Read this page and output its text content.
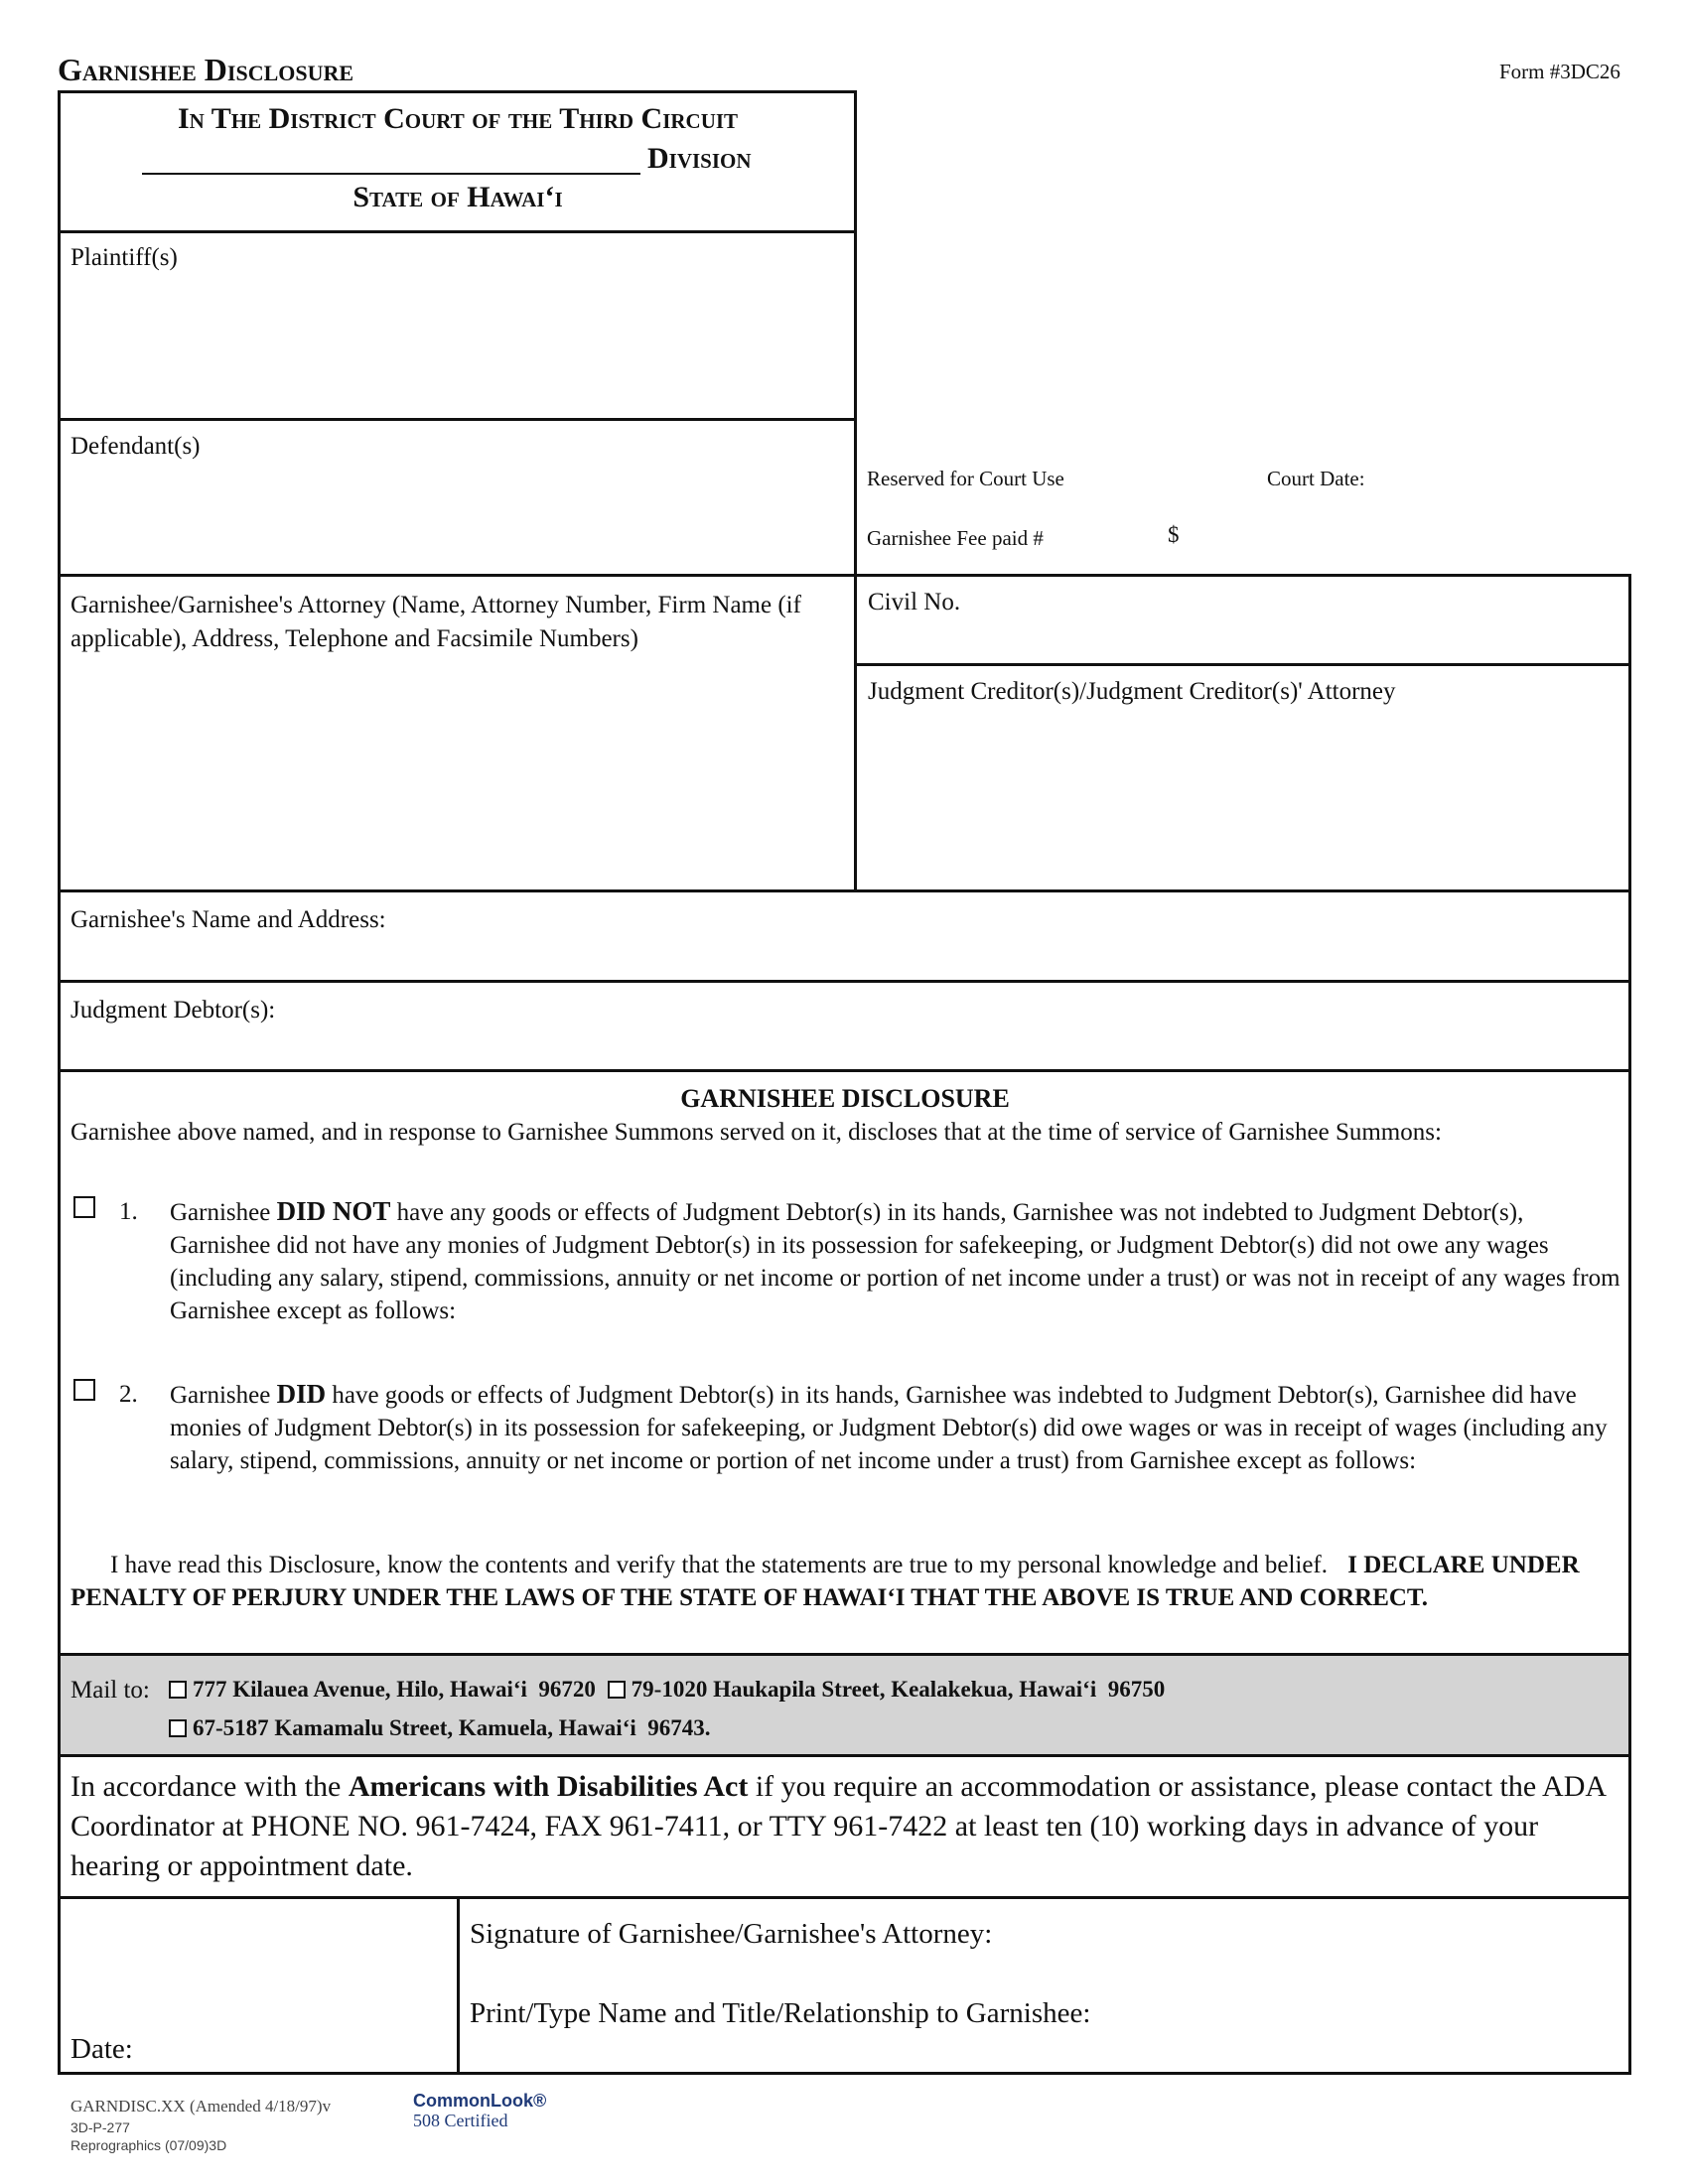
Garnishee Disclosure	Form #3DC26
In The District Court of the Third Circuit
Division
State of Hawai‘i
Plaintiff(s)
Defendant(s)
Reserved for Court Use	Court Date:
Garnishee Fee paid #	$
Garnishee/Garnishee's Attorney (Name, Attorney Number, Firm Name (if applicable), Address, Telephone and Facsimile Numbers)
Civil No.
Judgment Creditor(s)/Judgment Creditor(s)' Attorney
Garnishee's Name and Address:
Judgment Debtor(s):
GARNISHEE DISCLOSURE
Garnishee above named, and in response to Garnishee Summons served on it, discloses that at the time of service of Garnishee Summons:
1. Garnishee DID NOT have any goods or effects of Judgment Debtor(s) in its hands, Garnishee was not indebted to Judgment Debtor(s), Garnishee did not have any monies of Judgment Debtor(s) in its possession for safekeeping, or Judgment Debtor(s) did not owe any wages (including any salary, stipend, commissions, annuity or net income or portion of net income under a trust) or was not in receipt of any wages from Garnishee except as follows:
2. Garnishee DID have goods or effects of Judgment Debtor(s) in its hands, Garnishee was indebted to Judgment Debtor(s), Garnishee did have monies of Judgment Debtor(s) in its possession for safekeeping, or Judgment Debtor(s) did owe wages or was in receipt of wages (including any salary, stipend, commissions, annuity or net income or portion of net income under a trust) from Garnishee except as follows:
I have read this Disclosure, know the contents and verify that the statements are true to my personal knowledge and belief. I DECLARE UNDER PENALTY OF PERJURY UNDER THE LAWS OF THE STATE OF HAWAI‘I THAT THE ABOVE IS TRUE AND CORRECT.
Mail to:	777 Kilauea Avenue, Hilo, Hawai‘i  96720 79-1020 Haukapila Street, Kealakekua, Hawai‘i  96750
67-5187 Kamamalu Street, Kamuela, Hawai‘i  96743.
In accordance with the Americans with Disabilities Act if you require an accommodation or assistance, please contact the ADA Coordinator at PHONE NO. 961-7424, FAX 961-7411, or TTY 961-7422 at least ten (10) working days in advance of your hearing or appointment date.
Date:
Signature of Garnishee/Garnishee's Attorney:
Print/Type Name and Title/Relationship to Garnishee:
GARNDISC.XX (Amended 4/18/97)v
3D-P-277
Reprographics (07/09)3D
CommonLook®
508 Certified
